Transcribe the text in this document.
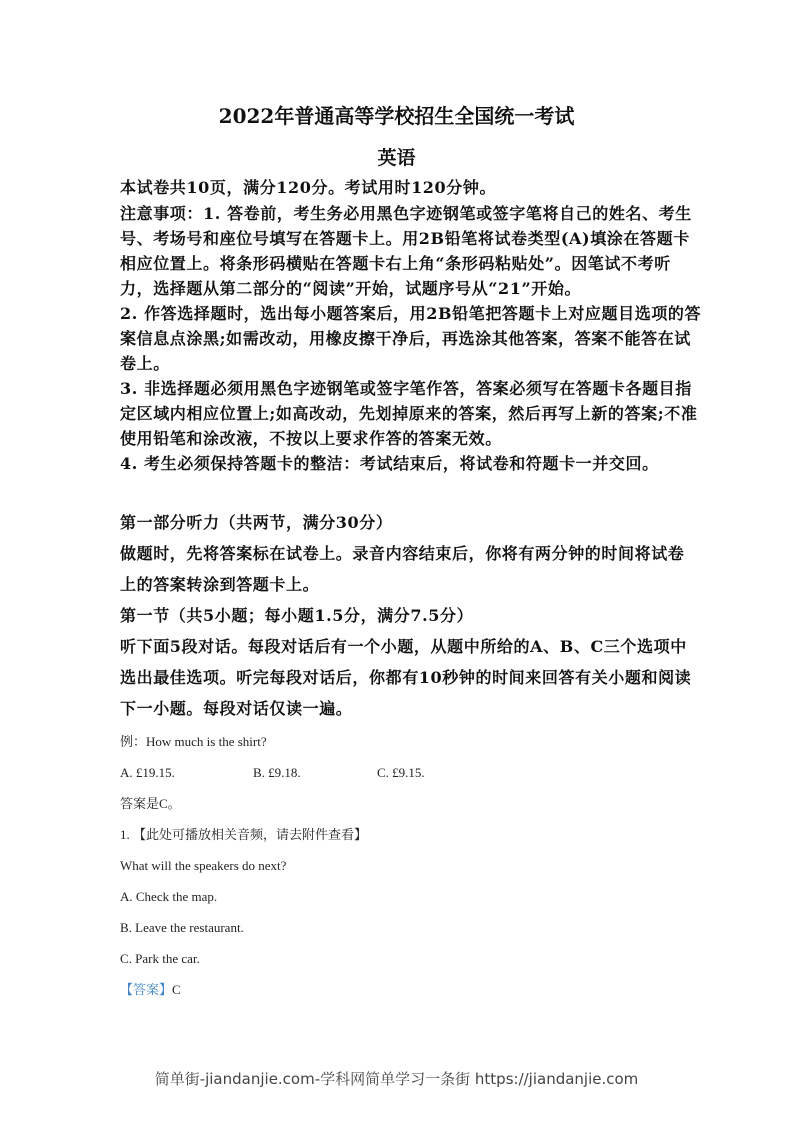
2022年普通高等学校招生全国统一考试
英语
本试卷共10页，满分120分。考试用时120分钟。
注意事项：1. 答卷前，考生务必用黑色字迹钢笔或签字笔将自己的姓名、考生
号、考场号和座位号填写在答题卡上。用2B铅笔将试卷类型(A)填涂在答题卡
相应位置上。将条形码横贴在答题卡右上角“条形码粘贴处”。因笔试不考听
力，选择题从第二部分的“阅读”开始，试题序号从“21”开始。
2. 作答选择题时，选出每小题答案后，用2B铅笔把答题卡上对应题目选项的答
案信息点涂黑;如需改动，用橡皮擦干净后，再选涂其他答案，答案不能答在试
卷上。
3. 非选择题必须用黑色字迹钢笔或签字笔作答，答案必须写在答题卡各题目指
定区域内相应位置上;如高改动，先划掉原来的答案，然后再写上新的答案;不准
使用铅笔和涂改液，不按以上要求作答的答案无效。
4. 考生必须保持答题卡的整洁：考试结束后，将试卷和符题卡一并交回。
第一部分听力（共两节，满分30分）
做题时，先将答案标在试卷上。录音内容结束后，你将有两分钟的时间将试卷
上的答案转涂到答题卡上。
第一节（共5小题；每小题1.5分，满分7.5分）
听下面5段对话。每段对话后有一个小题，从题中所给的A、B、C三个选项中
选出最佳选项。听完每段对话后，你都有10秒钟的时间来回答有关小题和阅读
下一小题。每段对话仅读一遍。
例：How much is the shirt?
A. £19.15.	B. £9.18.	C. £9.15.
答案是C。
1. 【此处可播放相关音频，请去附件查看】
What will the speakers do next?
A. Check the map.
B. Leave the restaurant.
C. Park the car.
【答案】C
简单街-jiandanjie.com-学科网简单学习一条街 https://jiandanjie.com
